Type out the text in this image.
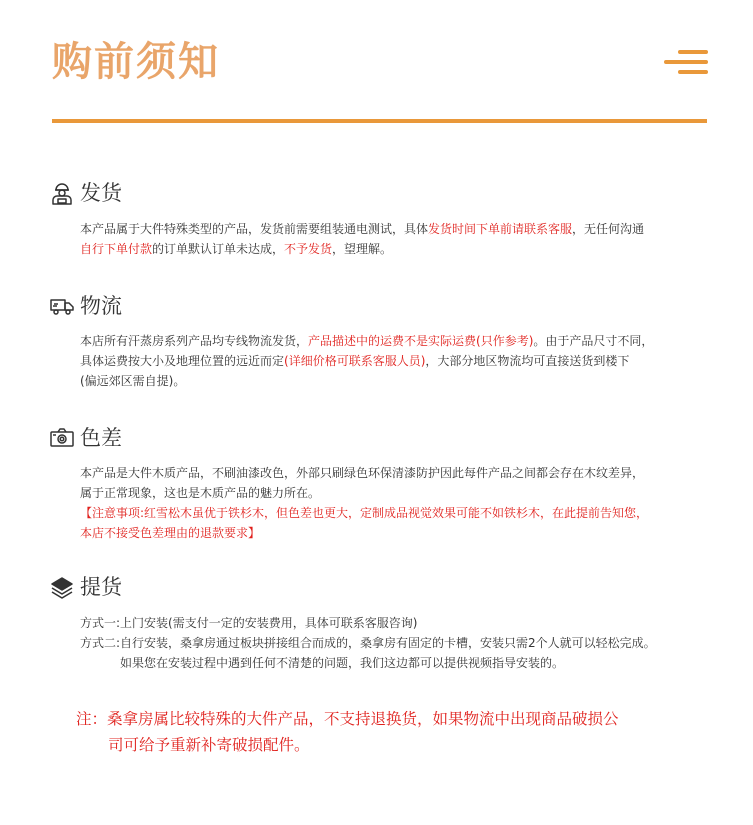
购前须知
发货
本产品属于大件特殊类型的产品，发货前需要组装通电测试，具体发货时间下单前请联系客服，无任何沟通
自行下单付款的订单默认订单未达成，不予发货，望理解。
物流
本店所有汗蒸房系列产品均专线物流发货，产品描述中的运费不是实际运费(只作参考)。由于产品尺寸不同，
具体运费按大小及地理位置的远近而定(详细价格可联系客服人员)，大部分地区物流均可直接送货到楼下
(偏远郊区需自提)。
色差
本产品是大件木质产品，不刷油漆改色，外部只刷绿色环保清漆防护因此每件产品之间都会存在木纹差异，
属于正常现象，这也是木质产品的魅力所在。
【注意事项:红雪松木虽优于铁杉木，但色差也更大，定制成品视觉效果可能不如铁杉木，在此提前告知您，
本店不接受色差理由的退款要求】
提货
方式一:上门安装(需支付一定的安装费用，具体可联系客服咨询)
方式二:自行安装，桑拿房通过板块拼接组合而成的，桑拿房有固定的卡槽，安装只需2个人就可以轻松完成。
如果您在安装过程中遇到任何不清楚的问题，我们这边都可以提供视频指导安装的。
注：桑拿房属比较特殊的大件产品，不支持退换货，如果物流中出现商品破损公
司可给予重新补寄破损配件。
